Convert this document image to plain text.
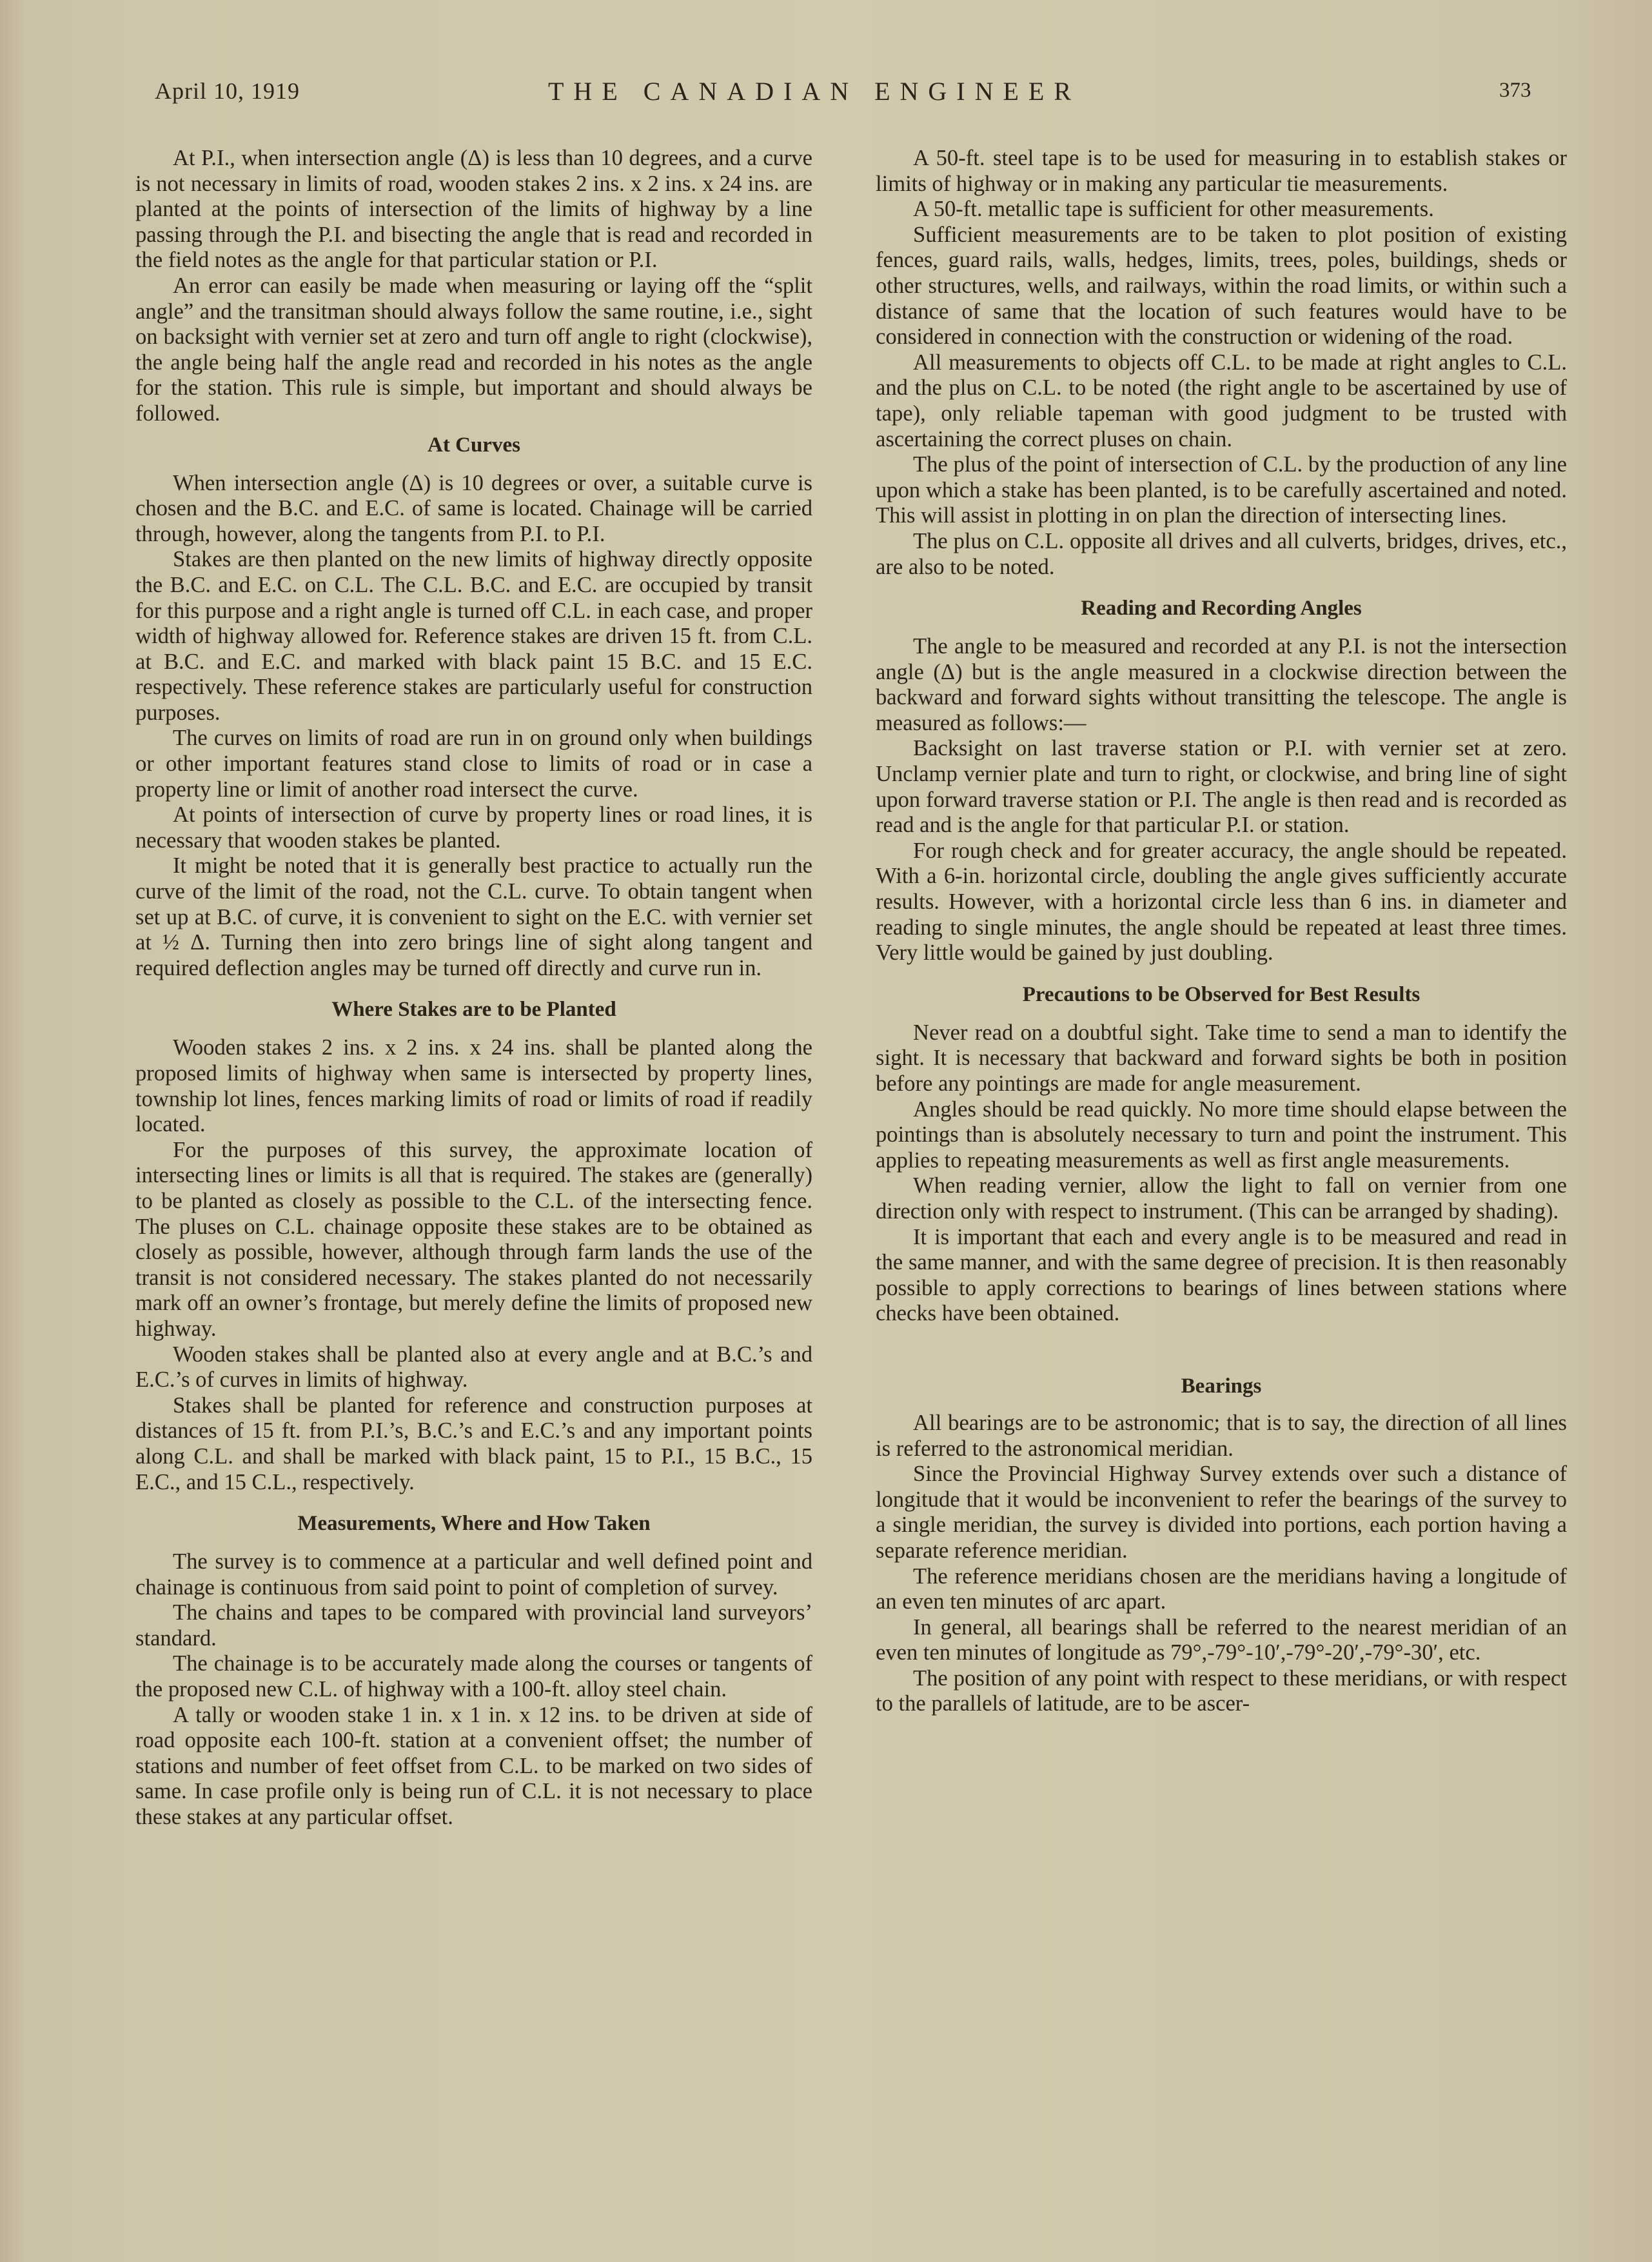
April 10, 1919	THE CANADIAN ENGINEER	373

At P.I., when intersection angle (Δ) is less than 10 degrees, and a curve is not necessary in limits of road, wooden stakes 2 ins. x 2 ins. x 24 ins. are planted at the points of intersection of the limits of highway by a line passing through the P.I. and bisecting the angle that is read and recorded in the field notes as the angle for that particular station or P.I.

An error can easily be made when measuring or laying off the “split angle” and the transitman should always follow the same routine, i.e., sight on backsight with vernier set at zero and turn off angle to right (clockwise), the angle being half the angle read and recorded in his notes as the angle for the station. This rule is simple, but important and should always be followed.

At Curves

When intersection angle (Δ) is 10 degrees or over, a suitable curve is chosen and the B.C. and E.C. of same is located. Chainage will be carried through, however, along the tangents from P.I. to P.I.

Stakes are then planted on the new limits of highway directly opposite the B.C. and E.C. on C.L. The C.L. B.C. and E.C. are occupied by transit for this purpose and a right angle is turned off C.L. in each case, and proper width of highway allowed for. Reference stakes are driven 15 ft. from C.L. at B.C. and E.C. and marked with black paint 15 B.C. and 15 E.C. respectively. These reference stakes are particularly useful for construction purposes.

The curves on limits of road are run in on ground only when buildings or other important features stand close to limits of road or in case a property line or limit of another road intersect the curve.

At points of intersection of curve by property lines or road lines, it is necessary that wooden stakes be planted.

It might be noted that it is generally best practice to actually run the curve of the limit of the road, not the C.L. curve. To obtain tangent when set up at B.C. of curve, it is convenient to sight on the E.C. with vernier set at ½ Δ. Turning then into zero brings line of sight along tangent and required deflection angles may be turned off directly and curve run in.

Where Stakes are to be Planted

Wooden stakes 2 ins. x 2 ins. x 24 ins. shall be planted along the proposed limits of highway when same is intersected by property lines, township lot lines, fences marking limits of road or limits of road if readily located.

For the purposes of this survey, the approximate location of intersecting lines or limits is all that is required. The stakes are (generally) to be planted as closely as possible to the C.L. of the intersecting fence. The pluses on C.L. chainage opposite these stakes are to be obtained as closely as possible, however, although through farm lands the use of the transit is not considered necessary. The stakes planted do not necessarily mark off an owner’s frontage, but merely define the limits of proposed new highway.

Wooden stakes shall be planted also at every angle and at B.C.’s and E.C.’s of curves in limits of highway.

Stakes shall be planted for reference and construction purposes at distances of 15 ft. from P.I.’s, B.C.’s and E.C.’s and any important points along C.L. and shall be marked with black paint, 15 to P.I., 15 B.C., 15 E.C., and 15 C.L., respectively.

Measurements, Where and How Taken

The survey is to commence at a particular and well defined point and chainage is continuous from said point to point of completion of survey.

The chains and tapes to be compared with provincial land surveyors’ standard.

The chainage is to be accurately made along the courses or tangents of the proposed new C.L. of highway with a 100-ft. alloy steel chain.

A tally or wooden stake 1 in. x 1 in. x 12 ins. to be driven at side of road opposite each 100-ft. station at a convenient offset; the number of stations and number of feet offset from C.L. to be marked on two sides of same. In case profile only is being run of C.L. it is not necessary to place these stakes at any particular offset.

A 50-ft. steel tape is to be used for measuring in to establish stakes or limits of highway or in making any particular tie measurements.

A 50-ft. metallic tape is sufficient for other measurements.

Sufficient measurements are to be taken to plot position of existing fences, guard rails, walls, hedges, limits, trees, poles, buildings, sheds or other structures, wells, and railways, within the road limits, or within such a distance of same that the location of such features would have to be considered in connection with the construction or widening of the road.

All measurements to objects off C.L. to be made at right angles to C.L. and the plus on C.L. to be noted (the right angle to be ascertained by use of tape), only reliable tapeman with good judgment to be trusted with ascertaining the correct pluses on chain.

The plus of the point of intersection of C.L. by the production of any line upon which a stake has been planted, is to be carefully ascertained and noted. This will assist in plotting in on plan the direction of intersecting lines.

The plus on C.L. opposite all drives and all culverts, bridges, drives, etc., are also to be noted.

Reading and Recording Angles

The angle to be measured and recorded at any P.I. is not the intersection angle (Δ) but is the angle measured in a clockwise direction between the backward and forward sights without transitting the telescope. The angle is measured as follows:—

Backsight on last traverse station or P.I. with vernier set at zero. Unclamp vernier plate and turn to right, or clockwise, and bring line of sight upon forward traverse station or P.I. The angle is then read and is recorded as read and is the angle for that particular P.I. or station.

For rough check and for greater accuracy, the angle should be repeated. With a 6-in. horizontal circle, doubling the angle gives sufficiently accurate results. However, with a horizontal circle less than 6 ins. in diameter and reading to single minutes, the angle should be repeated at least three times. Very little would be gained by just doubling.

Precautions to be Observed for Best Results

Never read on a doubtful sight. Take time to send a man to identify the sight. It is necessary that backward and forward sights be both in position before any pointings are made for angle measurement.

Angles should be read quickly. No more time should elapse between the pointings than is absolutely necessary to turn and point the instrument. This applies to repeating measurements as well as first angle measurements.

When reading vernier, allow the light to fall on vernier from one direction only with respect to instrument. (This can be arranged by shading).

It is important that each and every angle is to be measured and read in the same manner, and with the same degree of precision. It is then reasonably possible to apply corrections to bearings of lines between stations where checks have been obtained.

Bearings

All bearings are to be astronomic; that is to say, the direction of all lines is referred to the astronomical meridian.

Since the Provincial Highway Survey extends over such a distance of longitude that it would be inconvenient to refer the bearings of the survey to a single meridian, the survey is divided into portions, each portion having a separate reference meridian.

The reference meridians chosen are the meridians having a longitude of an even ten minutes of arc apart.

In general, all bearings shall be referred to the nearest meridian of an even ten minutes of longitude as 79°,-79°-10′,-79°-20′,-79°-30′, etc.

The position of any point with respect to these meridians, or with respect to the parallels of latitude, are to be ascer-
